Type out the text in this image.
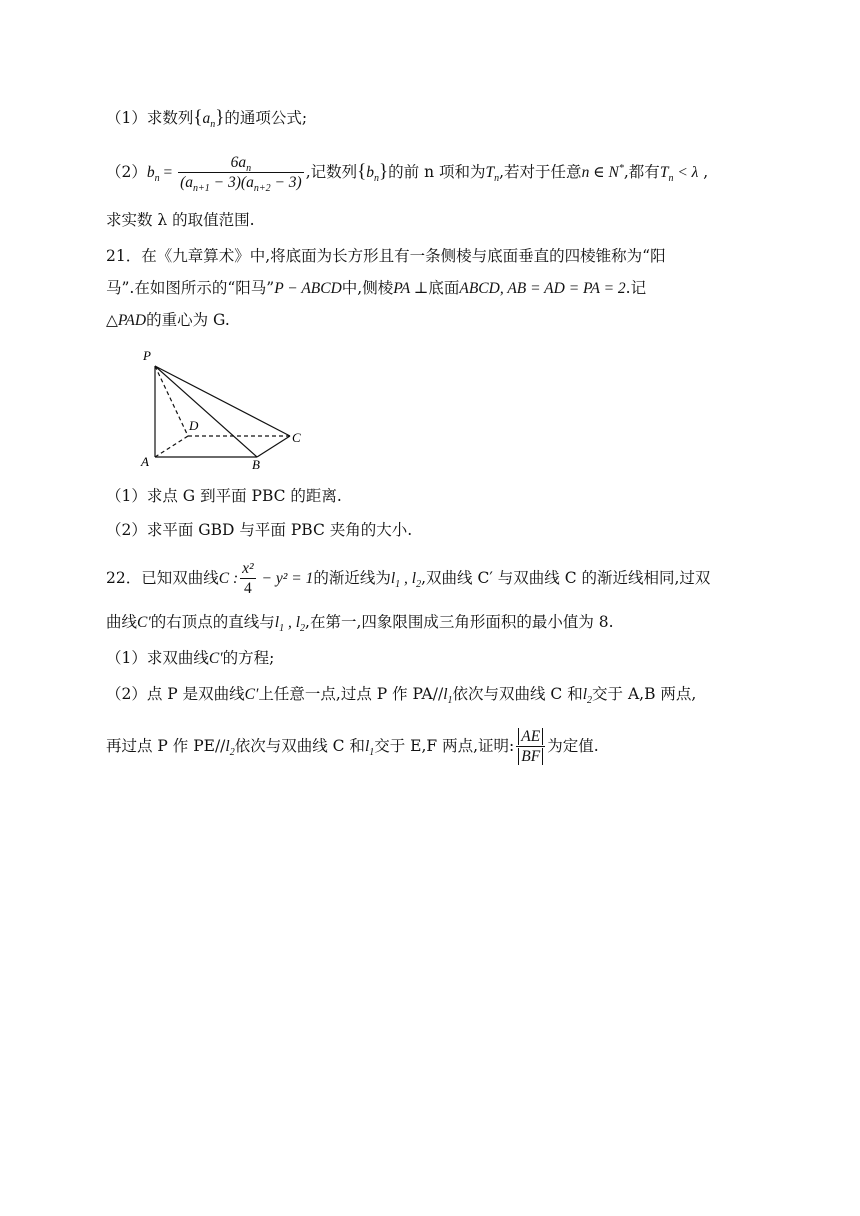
（1）求数列$\{a_n\}$的通项公式;
$(2)b_n = \frac{6a_n}{(a_{n+1} - 3)(a_{n+2} - 3)}$ ,记数列$\{b_n\}$的前 n 项和为$T_n$,若对于任意n ∈ N*,都有$T_n < \lambda$ ,
求实数 λ 的取值范围.
21．在《九章算术》中,将底面为长方形且有一条侧棱与底面垂直的四棱锥称为“阳
马”.在如图所示的“阳马”P − ABCD中,侧棱PA ⊥底面ABCD, AB = AD = PA = 2.记
△PAD的重心为 G.
P
D
C
A	B
（1）求点 G 到平面 PBC 的距离.
（2）求平面 GBD 与平面 PBC 夹角的大小.
22．已知双曲线C : $\frac{\text{x²}}{4} - y^2 = 1$的渐近线为$l_1$ , $l_2$,双曲线 C′ 与双曲线 C 的渐近线相同,过双
曲线C′的右顶点的直线与$l_1$ , $l_2$,在第一,四象限围成三角形面积的最小值为 8.
（1）求双曲线C′的方程;
（2）点 P 是双曲线C′上任意一点,过点 P 作 $PA//l_1$依次与双曲线 C 和$l_2$交于 A,B 两点,
再过点 P 作 $PE//l_2$依次与双曲线 C 和$l_1$交于 E,F 两点,证明: $\frac{AE}{BF}$ 为定值.
